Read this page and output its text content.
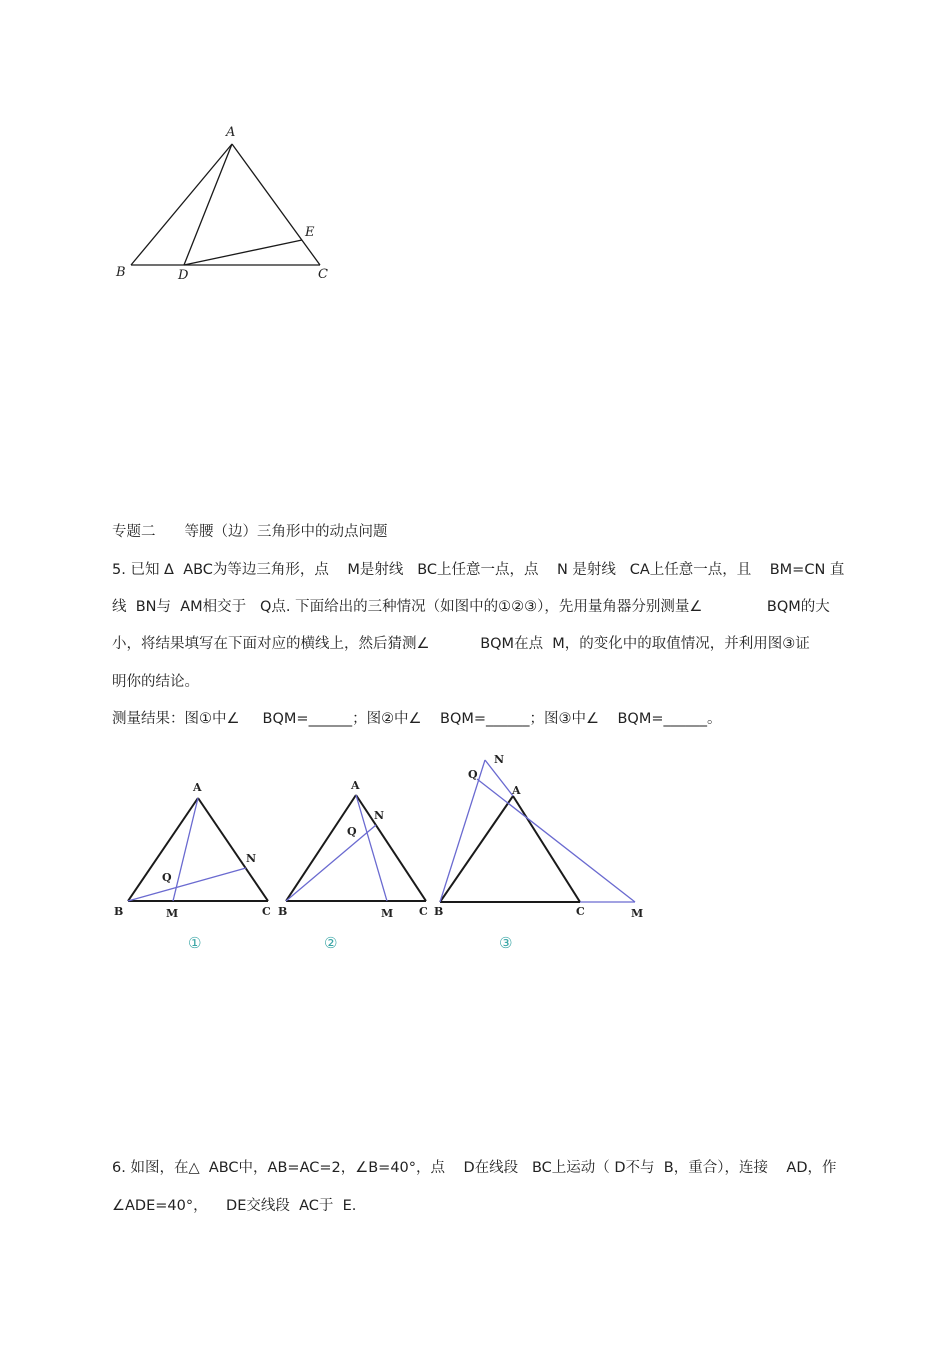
A
B	D	C
E
专题二　　等腰（边）三角形中的动点问题
5. 已知 Δ  ABC为等边三角形，点    M是射线   BC上任意一点，点    N 是射线   CA上任意一点，且    BM=CN 直
线  BN与  AM相交于   Q点. 下面给出的三种情况（如图中的①②③），先用量角器分别测量∠              BQM的大
小，将结果填写在下面对应的横线上，然后猜测∠           BQM在点  M，的变化中的取值情况，并利用图③证
明你的结论。
测量结果：图①中∠     BQM=______；图②中∠    BQM=______；图③中∠    BQM=______。
A
B	C
M
N
Q
①
A
B	C
M
N
Q
②
A
B	C	M
N
Q
③
6. 如图，在△  ABC中，AB=AC=2，∠B=40°，点    D在线段   BC上运动（ D不与  B，重合），连接    AD，作
∠ADE=40°，    DE交线段  AC于  E.
